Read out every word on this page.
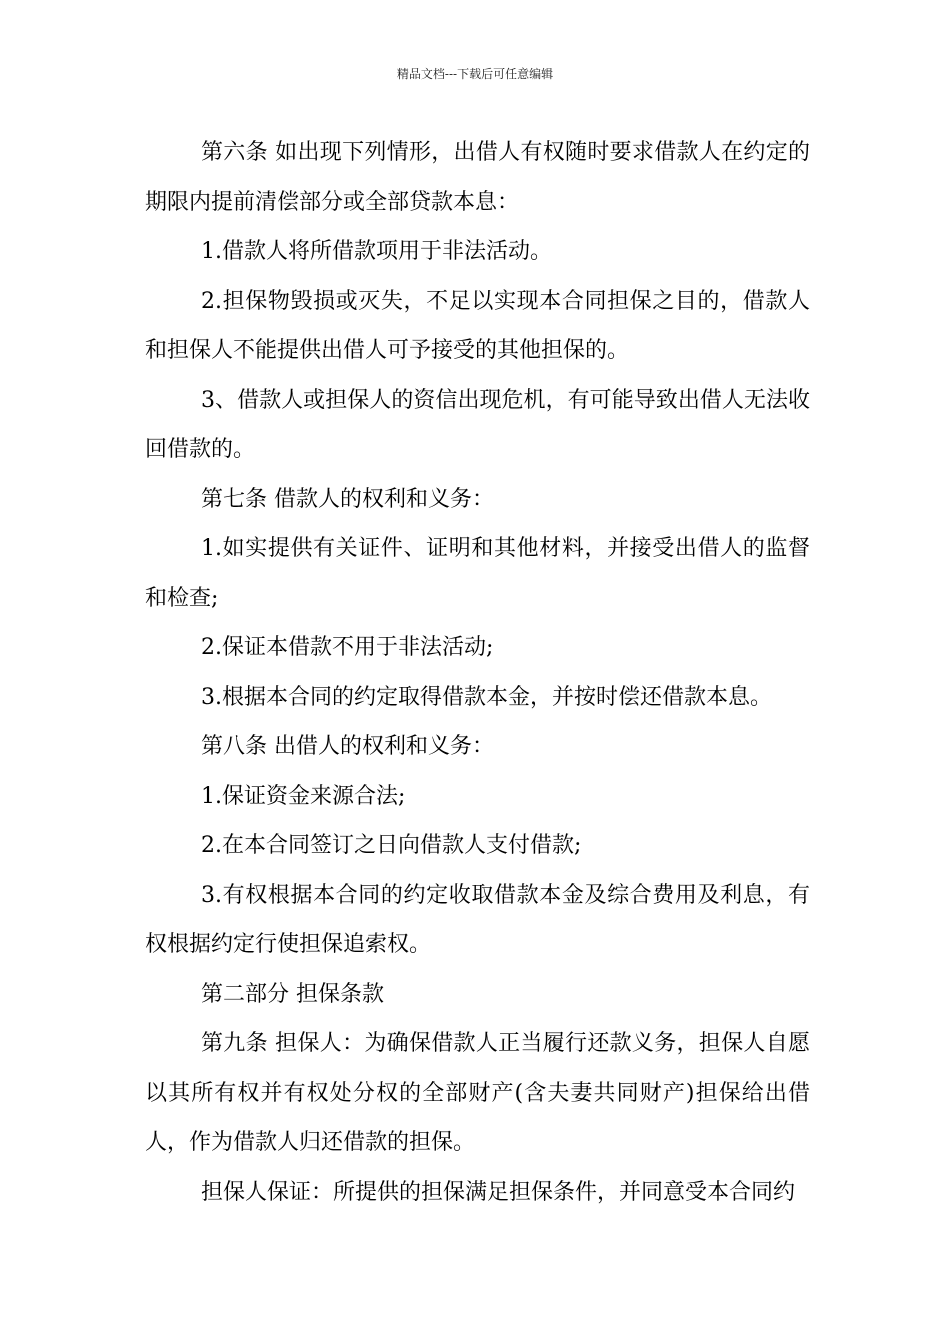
精品文档---下载后可任意编辑

第六条 如出现下列情形，出借人有权随时要求借款人在约定的期限内提前清偿部分或全部贷款本息：

1.借款人将所借款项用于非法活动。

2.担保物毁损或灭失，不足以实现本合同担保之目的，借款人和担保人不能提供出借人可予接受的其他担保的。

3、借款人或担保人的资信出现危机，有可能导致出借人无法收回借款的。

第七条 借款人的权利和义务：

1.如实提供有关证件、证明和其他材料，并接受出借人的监督和检查;

2.保证本借款不用于非法活动;

3.根据本合同的约定取得借款本金，并按时偿还借款本息。

第八条 出借人的权利和义务：

1.保证资金来源合法;

2.在本合同签订之日向借款人支付借款;

3.有权根据本合同的约定收取借款本金及综合费用及利息，有权根据约定行使担保追索权。

第二部分 担保条款

第九条 担保人：为确保借款人正当履行还款义务，担保人自愿以其所有权并有权处分权的全部财产(含夫妻共同财产)担保给出借人，作为借款人归还借款的担保。

担保人保证：所提供的担保满足担保条件，并同意受本合同约
